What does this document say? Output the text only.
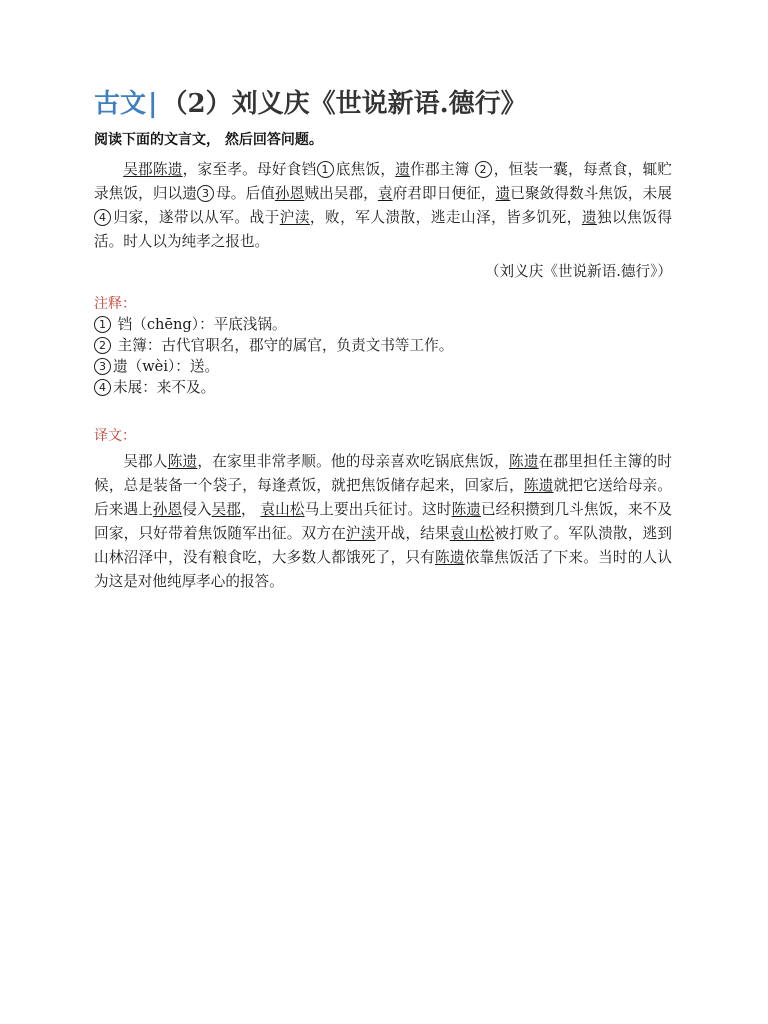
古文| （2）刘义庆《世说新语.德行》

阅读下面的文言文， 然后回答问题。

吴郡陈遗，家至孝。母好食铛 1 底焦饭，遗作郡主簿 2 ，恒装一囊，每煮食，辄贮录焦饭，归以遗 3 母。后值孙恩贼出吴郡，袁府君即日便征，遗已聚敛得数斗焦饭，未展4 归家，遂带以从军。战于沪渎，败，军人溃散，逃走山泽，皆多饥死，遗独以焦饭得活。时人以为纯孝之报也。

（刘义庆《世说新语.德行》）

注释：
1 铛（chēng）：平底浅锅。
2 主簿：古代官职名，郡守的属官，负责文书等工作。
3 遗（wèi）：送。
4 未展：来不及。
译文：

吴郡人陈遗，在家里非常孝顺。他的母亲喜欢吃锅底焦饭，陈遗在郡里担任主簿的时候，总是装备一个袋子，每逢煮饭，就把焦饭储存起来，回家后，陈遗就把它送给母亲。后来遇上孙恩侵入吴郡， 袁山松马上要出兵征讨。这时陈遗已经积攒到几斗焦饭，来不及回家，只好带着焦饭随军出征。双方在沪渎开战，结果袁山松被打败了。军队溃散，逃到山林沼泽中，没有粮食吃，大多数人都饿死了，只有陈遗依靠焦饭活了下来。当时的人认为这是对他纯厚孝心的报答。
